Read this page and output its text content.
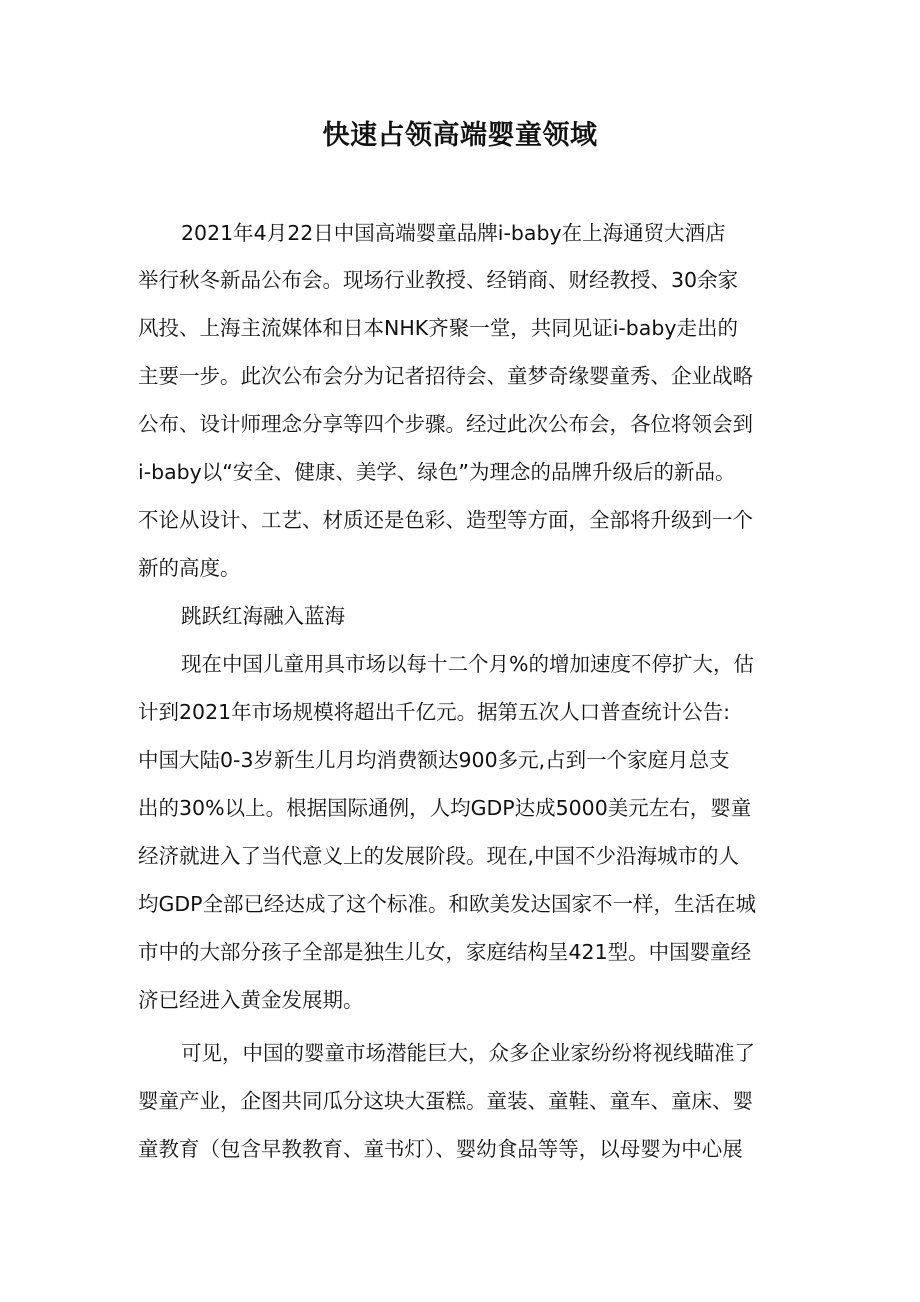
快速占领高端婴童领域

2021年4月22日中国高端婴童品牌i-baby在上海通贸大酒店

举行秋冬新品公布会。现场行业教授、经销商、财经教授、30余家

风投、上海主流媒体和日本NHK齐聚一堂，共同见证i-baby走出的

主要一步。此次公布会分为记者招待会、童梦奇缘婴童秀、企业战略

公布、设计师理念分享等四个步骤。经过此次公布会，各位将领会到

i-baby以“安全、健康、美学、绿色”为理念的品牌升级后的新品。

不论从设计、工艺、材质还是色彩、造型等方面，全部将升级到一个

新的高度。

跳跃红海融入蓝海

现在中国儿童用具市场以每十二个月%的增加速度不停扩大，估

计到2021年市场规模将超出千亿元。据第五次人口普查统计公告:

中国大陆0-3岁新生儿月均消费额达900多元,占到一个家庭月总支

出的30%以上。根据国际通例，人均GDP达成5000美元左右，婴童

经济就进入了当代意义上的发展阶段。现在,中国不少沿海城市的人

均GDP全部已经达成了这个标准。和欧美发达国家不一样，生活在城

市中的大部分孩子全部是独生儿女，家庭结构呈421型。中国婴童经

济已经进入黄金发展期。

可见，中国的婴童市场潜能巨大，众多企业家纷纷将视线瞄准了

婴童产业，企图共同瓜分这块大蛋糕。童装、童鞋、童车、童床、婴

童教育（包含早教教育、童书灯）、婴幼食品等等，以母婴为中心展
